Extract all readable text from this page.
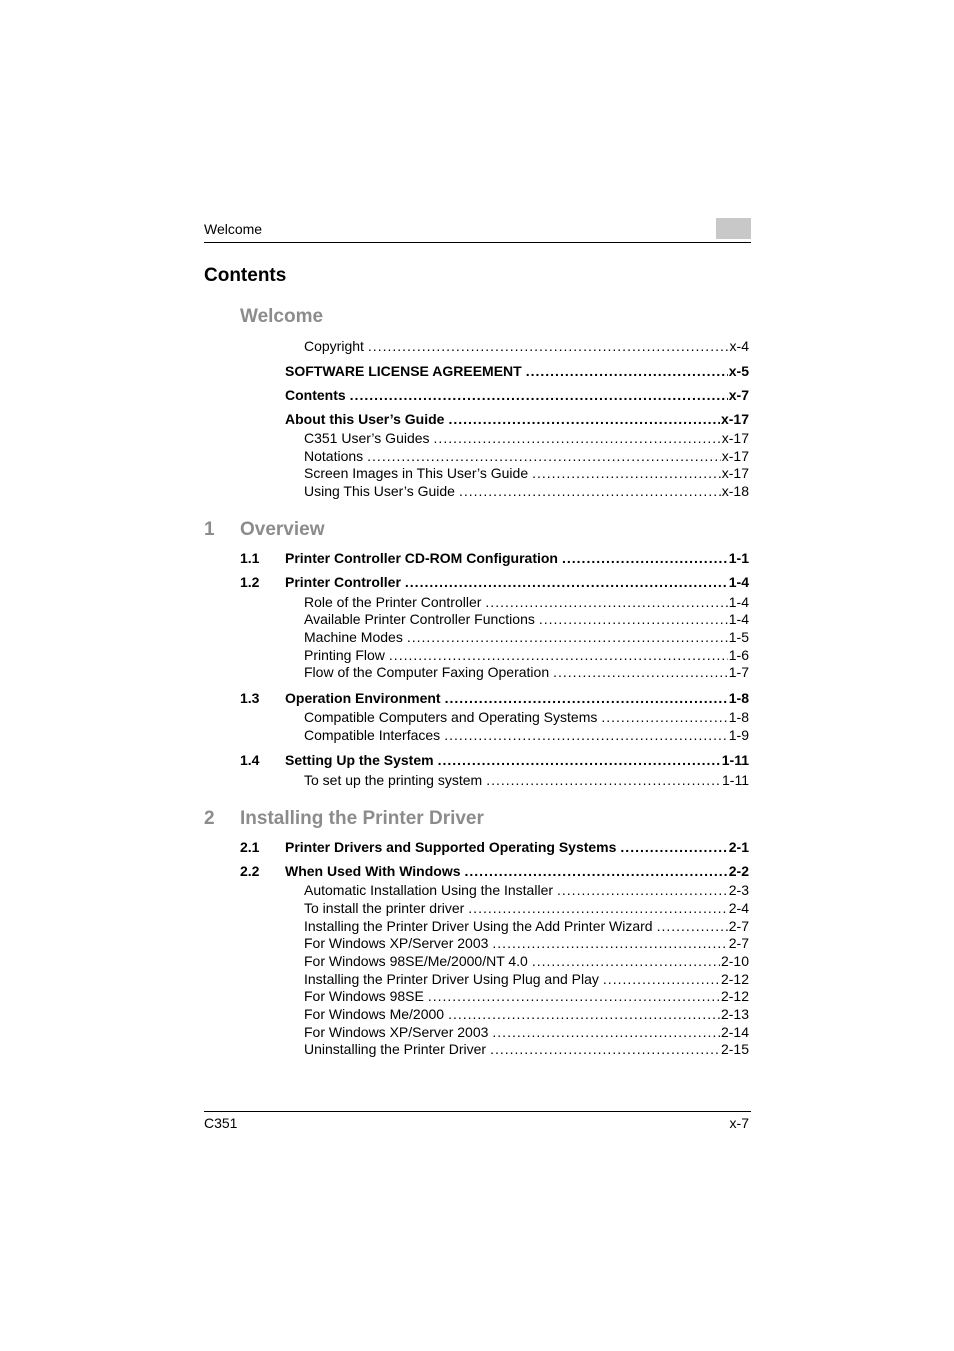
Welcome
Contents
Welcome
Copyright .....	x-4
SOFTWARE LICENSE AGREEMENT .....	x-5
Contents .....	x-7
About this User’s Guide .....	x-17
C351 User’s Guides .....	x-17
Notations .....	x-17
Screen Images in This User’s Guide .....	x-17
Using This User’s Guide .....	x-18
1 Overview
1.1 Printer Controller CD-ROM Configuration .....	1-1
1.2 Printer Controller .....	1-4
Role of the Printer Controller .....	1-4
Available Printer Controller Functions .....	1-4
Machine Modes .....	1-5
Printing Flow .....	1-6
Flow of the Computer Faxing Operation .....	1-7
1.3 Operation Environment .....	1-8
Compatible Computers and Operating Systems .....	1-8
Compatible Interfaces .....	1-9
1.4 Setting Up the System .....	1-11
To set up the printing system .....	1-11
2 Installing the Printer Driver
2.1 Printer Drivers and Supported Operating Systems .....	2-1
2.2 When Used With Windows .....	2-2
Automatic Installation Using the Installer .....	2-3
To install the printer driver .....	2-4
Installing the Printer Driver Using the Add Printer Wizard .....	2-7
For Windows XP/Server 2003 .....	2-7
For Windows 98SE/Me/2000/NT 4.0 .....	2-10
Installing the Printer Driver Using Plug and Play .....	2-12
For Windows 98SE .....	2-12
For Windows Me/2000 .....	2-13
For Windows XP/Server 2003 .....	2-14
Uninstalling the Printer Driver .....	2-15
C351	x-7
